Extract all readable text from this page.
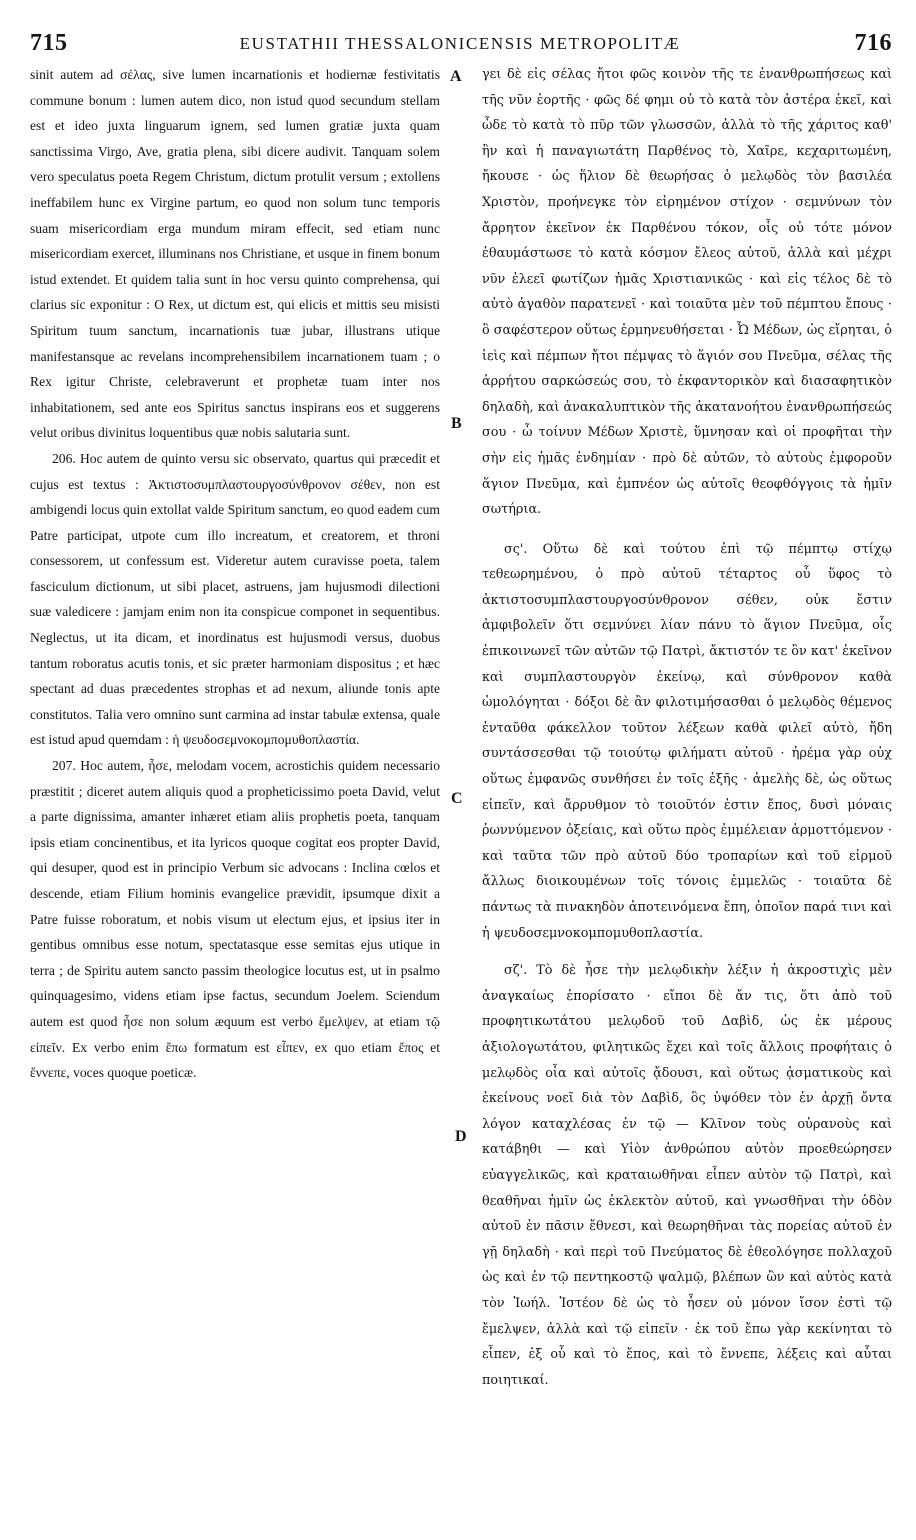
715	EUSTATHII THESSALONICENSIS METROPOLITÆ	716

sinit autem ad σέλας, sive lumen incarnationis et hodiernæ festivitatis commune bonum : lumen autem dico, non istud quod secundum stellam est et ideo juxta linguarum ignem, sed lumen gratiæ juxta quam sanctissima Virgo, Ave, gratia plena, sibi dicere audivit. Tanquam solem vero speculatus poeta Regem Christum, dictum protulit versum ; extollens ineffabilem hunc ex Virgine partum, eo quod non solum tunc temporis suam misericordiam erga mundum miram effecit, sed etiam nunc misericordiam exercet, illuminans nos Christiane, et usque in finem bonum istud extendet. Et quidem talia sunt in hoc versu quinto comprehensa, qui clarius sic exponitur : O Rex, ut dictum est, qui elicis et mittis seu misisti Spiritum tuum sanctum, incarnationis tuæ jubar, illustrans utique manifestansque ac revelans incomprehensibilem incarnationem tuam ; o Rex igitur Christe, celebraverunt et prophetæ tuam inter nos inhabitationem, sed ante eos Spiritus sanctus inspirans eos et suggerens velut oribus divinitus loquentibus quæ nobis salutaria sunt.

206. Hoc autem de quinto versu sic observato, quartus qui præcedit et cujus est textus : Ἀκτιστοσυμπλαστουργοσύνθρονον σέθεν, non est ambigendi locus quin extollat valde Spiritum sanctum, eo quod eadem cum Patre participat, utpote cum illo increatum, et creatorem, et throni consessorem, ut confessum est. Videretur autem curavisse poeta, talem fasciculum dictionum, ut sibi placet, astruens, jam hujusmodi dilectioni suæ valedicere : jamjam enim non ita conspicue componet in sequentibus. Neglectus, ut ita dicam, et inordinatus est hujusmodi versus, duobus tantum roboratus acutis tonis, et sic præter harmoniam dispositus ; et hæc spectant ad duas præcedentes strophas et ad nexum, aliunde tonis apte constitutos. Talia vero omnino sunt carmina ad instar tabulæ extensa, quale est istud apud quemdam : ἡ ψευδοσεμνοκομπομυθοπλαστία.

207. Hoc autem, ἦσε, melodam vocem, acrostichis quidem necessario præstitit ; diceret autem aliquis quod a propheticissimo poeta David, velut a parte dignissima, amanter inhæret etiam aliis prophetis poeta, tanquam ipsis etiam concinentibus, et ita lyricos quoque cogitat eos propter David, qui desuper, quod est in principio Verbum sic advocans : Inclina cœlos et descende, etiam Filium hominis evangelice prævidit, ipsumque dixit a Patre fuisse roboratum, et nobis visum ut electum ejus, et ipsius iter in gentibus omnibus esse notum, spectatasque esse semitas ejus utique in terra ; de Spiritu autem sancto passim theologice locutus est, ut in psalmo quinquagesimo, videns etiam ipse factus, secundum Joelem. Sciendum autem est quod ἦσε non solum æquum est verbo ἔμελψεν, at etiam τῷ εἰπεῖν. Ex verbo enim ἔπω formatum est εἶπεν, ex quo etiam ἔπος et ἔννεπε, voces quoque poeticæ.

A
B
C
D

γει δὲ εἰς σέλας ἤτοι φῶς κοινὸν τῆς τε ἐνανθρωπήσεως καὶ τῆς νῦν ἑορτῆς · φῶς δέ φημι οὐ τὸ κατὰ τὸν ἀστέρα ἐκεῖ, καὶ ὧδε τὸ κατὰ τὸ πῦρ τῶν γλωσσῶν, ἀλλὰ τὸ τῆς χάριτος καθ' ἣν καὶ ἡ παναγιωτάτη Παρθένος τὸ, Χαῖρε, κεχαριτωμένη, ἤκουσε · ὡς ἥλιον δὲ θεωρήσας ὁ μελῳδὸς τὸν βασιλέα Χριστὸν, προήνεγκε τὸν εἰρημένον στίχον · σεμνύνων τὸν ἄρρητον ἐκεῖνον ἐκ Παρθένου τόκον, οἷς οὐ τότε μόνον ἐθαυμάστωσε τὸ κατὰ κόσμον ἔλεος αὐτοῦ, ἀλλὰ καὶ μέχρι νῦν ἐλεεῖ φωτίζων ἡμᾶς Χριστιανικῶς · καὶ εἰς τέλος δὲ τὸ αὐτὸ ἀγαθὸν παρατενεῖ · καὶ τοιαῦτα μὲν τοῦ πέμπτου ἔπους · ὃ σαφέστερον οὕτως ἑρμηνευθήσεται · Ὦ Μέδων, ὡς εἴρηται, ὁ ἱεὶς καὶ πέμπων ἤτοι πέμψας τὸ ἅγιόν σου Πνεῦμα, σέλας τῆς ἀρρήτου σαρκώσεώς σου, τὸ ἐκφαντορικὸν καὶ διασαφητικὸν δηλαδὴ, καὶ ἀνακαλυπτικὸν τῆς ἀκατανοήτου ἐνανθρωπήσεώς σου · ὦ τοίνυν Μέδων Χριστὲ, ὕμνησαν καὶ οἱ προφῆται τὴν σὴν εἰς ἡμᾶς ἐνδημίαν · πρὸ δὲ αὐτῶν, τὸ αὐτοὺς ἐμφοροῦν ἅγιον Πνεῦμα, καὶ ἐμπνέον ὡς αὐτοῖς θεοφθόγγοις τὰ ἡμῖν σωτήρια.

σς'. Οὕτω δὲ καὶ τούτου ἐπὶ τῷ πέμπτῳ στίχῳ τεθεωρημένου, ὁ πρὸ αὐτοῦ τέταρτος οὗ ὕφος τὸ ἀκτιστοσυμπλαστουργοσύνθρονον σέθεν, οὐκ ἔστιν ἀμφιβολεῖν ὅτι σεμνύνει λίαν πάνυ τὸ ἅγιον Πνεῦμα, οἷς ἐπικοινωνεῖ τῶν αὐτῶν τῷ Πατρὶ, ἄκτιστόν τε ὂν κατ' ἐκεῖνον καὶ συμπλαστουργὸν ἐκείνῳ, καὶ σύνθρονον καθὰ ὡμολόγηται · δόξοι δὲ ἂν φιλοτιμήσασθαι ὁ μελῳδὸς θέμενος ἐνταῦθα φάκελλον τοῦτον λέξεων καθὰ φιλεῖ αὐτὸ, ἤδη συντάσσεσθαι τῷ τοιούτῳ φιλήματι αὐτοῦ · ἠρέμα γὰρ οὐχ οὕτως ἐμφανῶς συνθήσει ἐν τοῖς ἑξῆς · ἀμελὴς δὲ, ὡς οὕτως εἰπεῖν, καὶ ἄρρυθμον τὸ τοιοῦτόν ἐστιν ἔπος, δυσὶ μόναις ῥωννύμενον ὀξείαις, καὶ οὕτω πρὸς ἐμμέλειαν ἁρμοττόμενον · καὶ ταῦτα τῶν πρὸ αὐτοῦ δύο τροπαρίων καὶ τοῦ εἱρμοῦ ἄλλως διοικουμένων τοῖς τόνοις ἐμμελῶς · τοιαῦτα δὲ πάντως τὰ πινακηδὸν ἀποτεινόμενα ἔπη, ὁποῖον παρά τινι καὶ ἡ ψευδοσεμνοκομπομυθοπλαστία.

σζ'. Τὸ δὲ ἦσε τὴν μελῳδικὴν λέξιν ἡ ἀκροστιχὶς μὲν ἀναγκαίως ἐπορίσατο · εἴποι δὲ ἄν τις, ὅτι ἀπὸ τοῦ προφητικωτάτου μελῳδοῦ τοῦ Δαβὶδ, ὡς ἐκ μέρους ἀξιολογωτάτου, φιλητικῶς ἔχει καὶ τοῖς ἄλλοις προφήταις ὁ μελῳδὸς οἷα καὶ αὐτοῖς ᾄδουσι, καὶ οὕτως ᾀσματικοὺς καὶ ἐκείνους νοεῖ διὰ τὸν Δαβὶδ, ὃς ὑψόθεν τὸν ἐν ἀρχῇ ὄντα λόγον καταχλέσας ἐν τῷ — Κλῖνον τοὺς οὐρανοὺς καὶ κατάβηθι — καὶ Υἱὸν ἀνθρώπου αὐτὸν προεθεώρησεν εὐαγγελικῶς, καὶ κραταιωθῆναι εἶπεν αὐτὸν τῷ Πατρὶ, καὶ θεαθῆναι ἡμῖν ὡς ἐκλεκτὸν αὐτοῦ, καὶ γνωσθῆναι τὴν ὁδὸν αὐτοῦ ἐν πᾶσιν ἔθνεσι, καὶ θεωρηθῆναι τὰς πορείας αὐτοῦ ἐν γῇ δηλαδὴ · καὶ περὶ τοῦ Πνεύματος δὲ ἐθεολόγησε πολλαχοῦ ὡς καὶ ἐν τῷ πεντηκοστῷ ψαλμῷ, βλέπων ὢν καὶ αὐτὸς κατὰ τὸν Ἰωήλ. Ἰστέον δὲ ὡς τὸ ἦσεν οὐ μόνον ἴσον ἐστὶ τῷ ἔμελψεν, ἀλλὰ καὶ τῷ εἰπεῖν · ἐκ τοῦ ἔπω γὰρ κεκίνηται τὸ εἶπεν, ἐξ οὗ καὶ τὸ ἔπος, καὶ τὸ ἔννεπε, λέξεις καὶ αὗται ποιητικαί.
